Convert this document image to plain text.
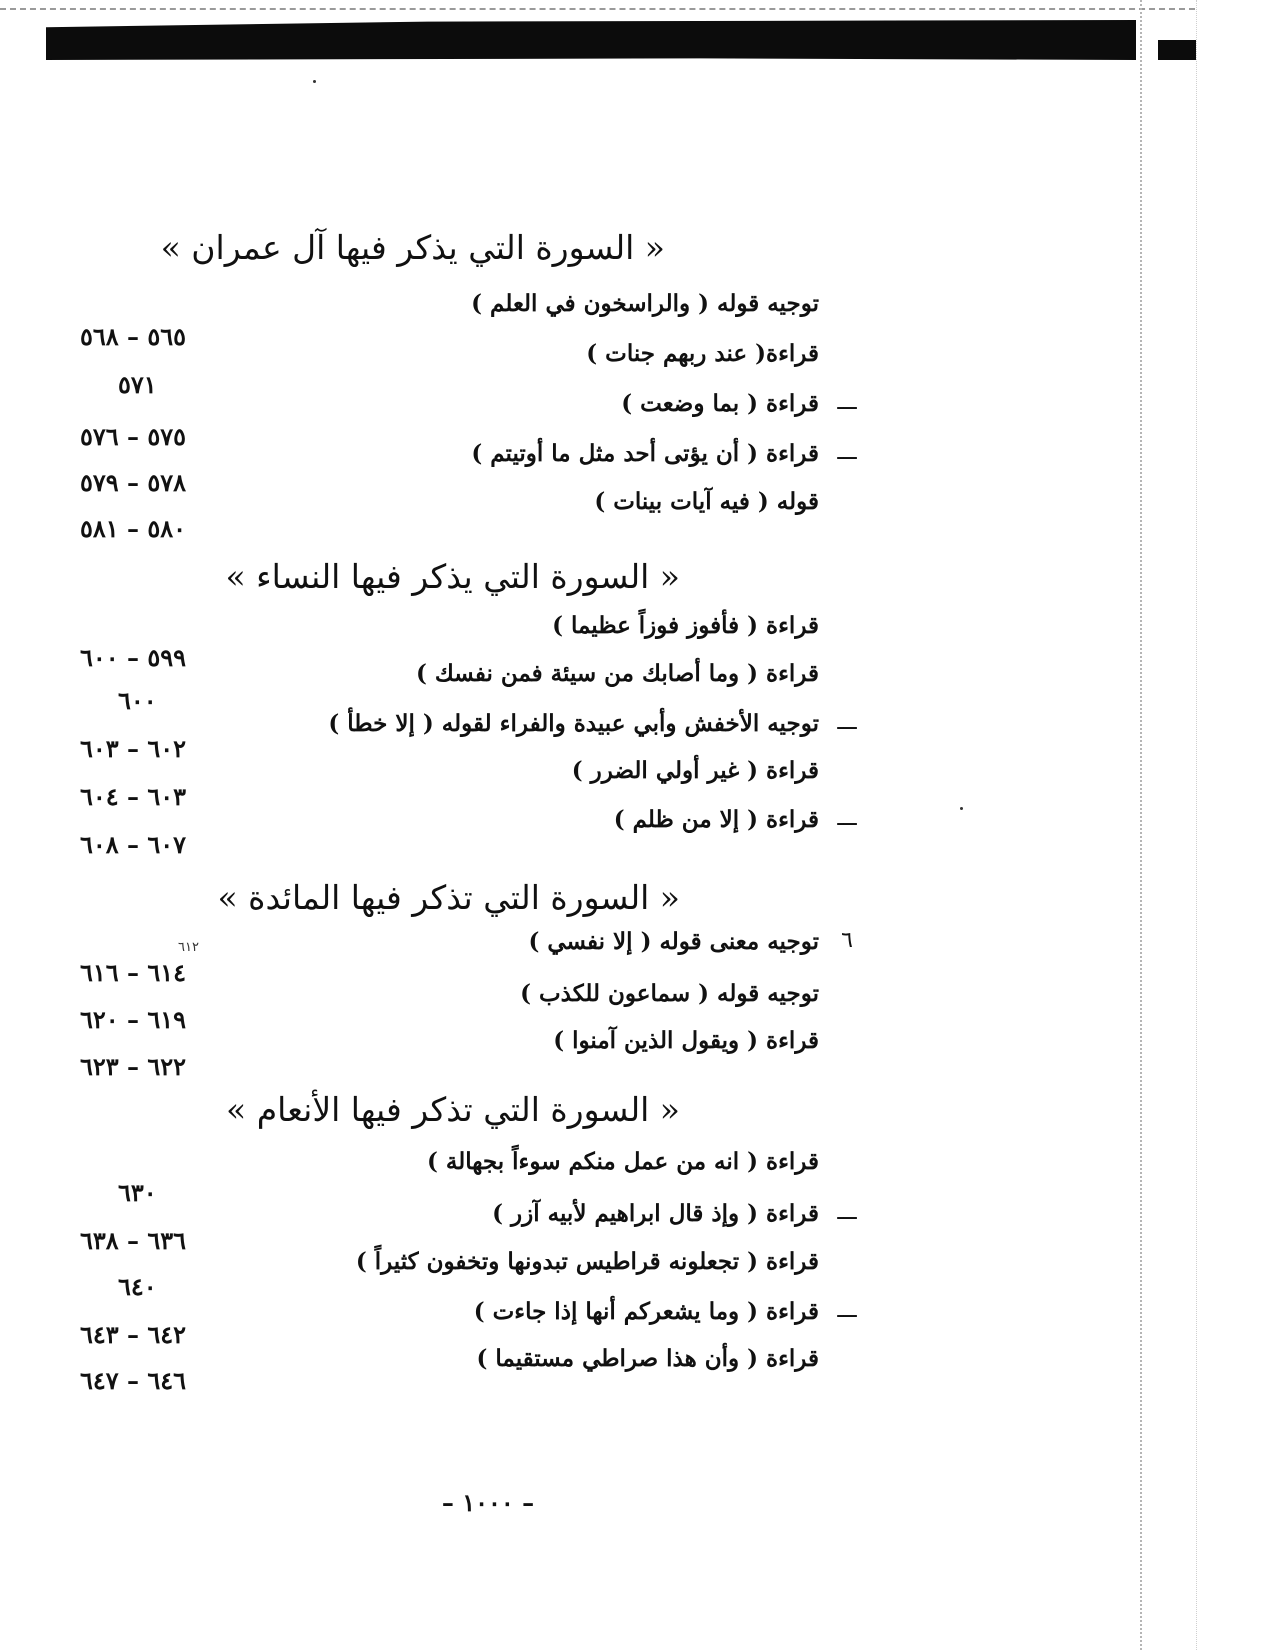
« السورة التي يذكر فيها آل عمران »
توجيه قوله ( والراسخون في العلم )
٥٦٥ – ٥٦٨
قراءة( عند ربهم جنات )
٥٧١
قراءة ( بما وضعت ) ـــ
٥٧٥ – ٥٧٦
قراءة ( أن يؤتى أحد مثل ما أوتيتم ) ـــ
٥٧٨ – ٥٧٩
قوله ( فيه آيات بينات )
٥٨٠ – ٥٨١
« السورة التي يذكر فيها النساء »
قراءة ( فأفوز فوزاً عظيما )
٥٩٩ – ٦٠٠
قراءة ( وما أصابك من سيئة فمن نفسك )
٦٠٠
توجيه الأخفش وأبي عبيدة والفراء لقوله ( إلا خطأ ) ـــ
٦٠٢ – ٦٠٣
قراءة ( غير أولي الضرر )
٦٠٣ – ٦٠٤
قراءة ( إلا من ظلم ) ـــ
٦٠٧ – ٦٠٨
« السورة التي تذكر فيها المائدة »
توجيه معنى قوله ( إلا نفسي )	٦
٦١٤ – ٦١٦
توجيه قوله ( سماعون للكذب )
٦١٩ – ٦٢٠
قراءة ( ويقول الذين آمنوا )
٦٢٢ – ٦٢٣
« السورة التي تذكر فيها الأنعام »
قراءة ( انه من عمل منكم سوءاً بجهالة )
٦٣٠
قراءة ( وإذ قال ابراهيم لأبيه آزر ) ـــ
٦٣٦ – ٦٣٨
قراءة ( تجعلونه قراطيس تبدونها وتخفون كثيراً )
٦٤٠
قراءة ( وما يشعركم أنها إذا جاءت ) ـــ
٦٤٢ – ٦٤٣
قراءة ( وأن هذا صراطي مستقيما )
٦٤٦ – ٦٤٧
٦١٢
– ١٠٠٠ –
